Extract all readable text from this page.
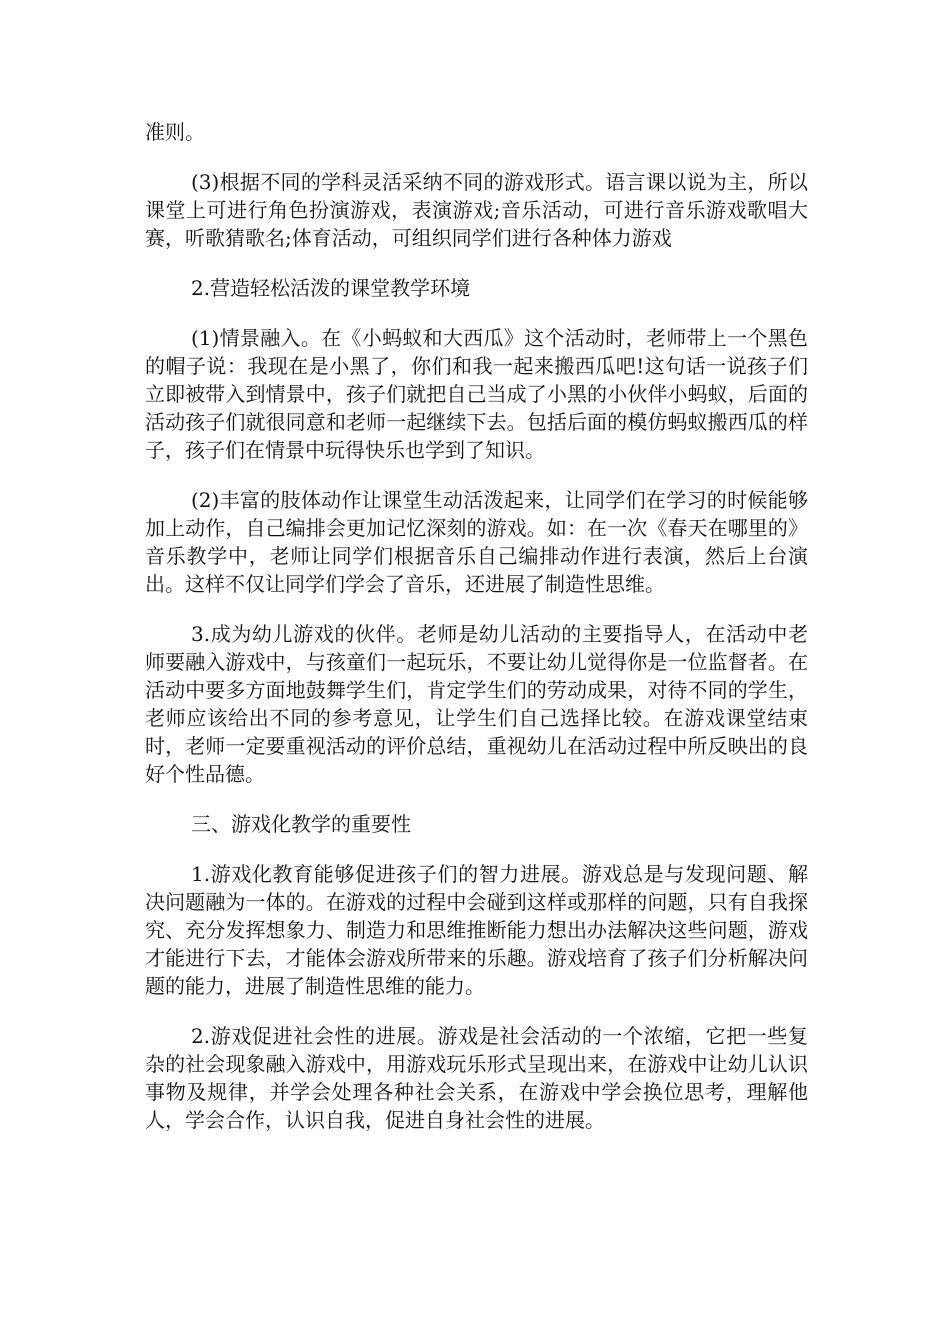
准则。

(3)根据不同的学科灵活采纳不同的游戏形式。语言课以说为主，所以课堂上可进行角色扮演游戏，表演游戏;音乐活动，可进行音乐游戏歌唱大赛，听歌猜歌名;体育活动，可组织同学们进行各种体力游戏

2.营造轻松活泼的课堂教学环境

(1)情景融入。在《小蚂蚁和大西瓜》这个活动时，老师带上一个黑色的帽子说：我现在是小黑了，你们和我一起来搬西瓜吧!这句话一说孩子们立即被带入到情景中，孩子们就把自己当成了小黑的小伙伴小蚂蚁，后面的活动孩子们就很同意和老师一起继续下去。包括后面的模仿蚂蚁搬西瓜的样子，孩子们在情景中玩得快乐也学到了知识。

(2)丰富的肢体动作让课堂生动活泼起来，让同学们在学习的时候能够加上动作，自己编排会更加记忆深刻的游戏。如：在一次《春天在哪里的》音乐教学中，老师让同学们根据音乐自己编排动作进行表演，然后上台演出。这样不仅让同学们学会了音乐，还进展了制造性思维。

3.成为幼儿游戏的伙伴。老师是幼儿活动的主要指导人，在活动中老师要融入游戏中，与孩童们一起玩乐，不要让幼儿觉得你是一位监督者。在活动中要多方面地鼓舞学生们，肯定学生们的劳动成果，对待不同的学生，老师应该给出不同的参考意见，让学生们自己选择比较。在游戏课堂结束时，老师一定要重视活动的评价总结，重视幼儿在活动过程中所反映出的良好个性品德。

三、游戏化教学的重要性

1.游戏化教育能够促进孩子们的智力进展。游戏总是与发现问题、解决问题融为一体的。在游戏的过程中会碰到这样或那样的问题，只有自我探究、充分发挥想象力、制造力和思维推断能力想出办法解决这些问题，游戏才能进行下去，才能体会游戏所带来的乐趣。游戏培育了孩子们分析解决问题的能力，进展了制造性思维的能力。

2.游戏促进社会性的进展。游戏是社会活动的一个浓缩，它把一些复杂的社会现象融入游戏中，用游戏玩乐形式呈现出来，在游戏中让幼儿认识事物及规律，并学会处理各种社会关系，在游戏中学会换位思考，理解他人，学会合作，认识自我，促进自身社会性的进展。
